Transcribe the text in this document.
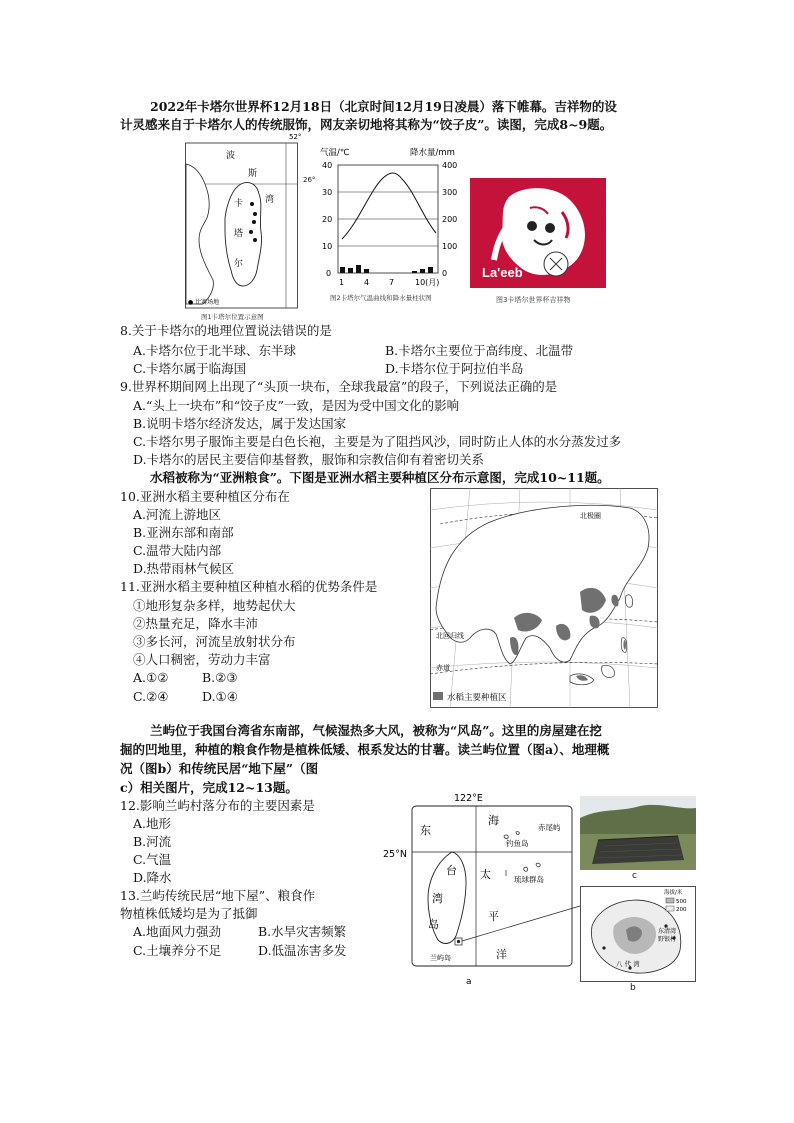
2022年卡塔尔世界杯12月18日（北京时间12月19日凌晨）落下帷幕。吉祥物的设
计灵感来自于卡塔尔人的传统服饰，网友亲切地将其称为“饺子皮”。读图，完成8~9题。
52°
波
斯
湾
卡
塔
尔
● 比赛场地
图1卡塔尔位置示意图
26°
气温/℃	降水量/mm
40
30
20
10
0
400
300
200
100
0
1 4 7	10(月)
图2卡塔尔气温曲线和降水量柱状图
La'eeb
图3卡塔尔世界杯吉祥物
8.关于卡塔尔的地理位置说法错误的是
A.卡塔尔位于北半球、东半球	B.卡塔尔主要位于高纬度、北温带
C.卡塔尔属于临海国	D.卡塔尔位于阿拉伯半岛
9.世界杯期间网上出现了“头顶一块布，全球我最富”的段子，下列说法正确的是
A.“头上一块布”和“饺子皮”一致，是因为受中国文化的影响
B.说明卡塔尔经济发达，属于发达国家
C.卡塔尔男子服饰主要是白色长袍，主要是为了阻挡风沙，同时防止人体的水分蒸发过多
D.卡塔尔的居民主要信仰基督教，服饰和宗教信仰有着密切关系
水稻被称为“亚洲粮食”。下图是亚洲水稻主要种植区分布示意图，完成10~11题。
北极圈
北回归线
赤道
水稻主要种植区
10.亚洲水稻主要种植区分布在
A.河流上游地区
B.亚洲东部和南部
C.温带大陆内部
D.热带雨林气候区
11.亚洲水稻主要种植区种植水稻的优势条件是
①地形复杂多样，地势起伏大
②热量充足，降水丰沛
③多长河，河流呈放射状分布
④人口稠密，劳动力丰富
A.①②	B.②③
C.②④	D.①④
兰屿位于我国台湾省东南部，气候湿热多大风，被称为“风岛”。这里的房屋建在挖
掘的凹地里，种植的粮食作物是植株低矮、根系发达的甘薯。读兰屿位置（图a）、地理概
况（图b）和传统民居“地下屋”（图
c）相关图片，完成12~13题。
12.影响兰屿村落分布的主要因素是
A.地形
B.河流
C.气温
D.降水
13.兰屿传统民居“地下屋”、粮食作
物植株低矮均是为了抵御
A.地面风力强劲	B.水旱灾害频繁
C.土壤养分不足	D.低温冻害多发
122°E
25°N
东
海
台 太
湾
平
岛
洋
钓鱼岛
赤尾屿
琉球群岛
兰屿岛
a
c
海拔/米
500
200
东清湾
野银村
八 代 湾
b
